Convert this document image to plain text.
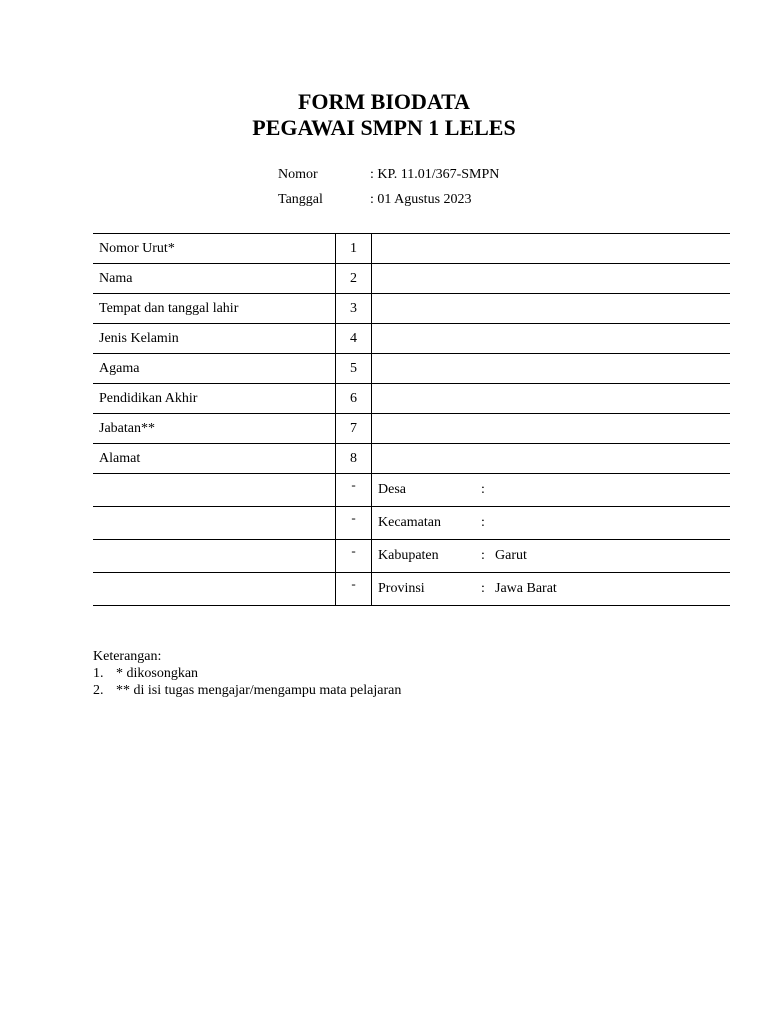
FORM BIODATA
PEGAWAI SMPN 1 LELES
Nomor	: KP. 11.01/367-SMPN
Tanggal	: 01 Agustus 2023
Nomor Urut*	1	
Nama	2	
Tempat dan tanggal lahir	3	
Jenis Kelamin	4	
Agama	5	
Pendidikan Akhir	6	
Jabatan**	7	
Alamat	8	
	-	Desa :
	-	Kecamatan :
	-	Kabupaten : Garut
	-	Provinsi : Jawa Barat
Keterangan:
1. * dikosongkan
2. ** di isi tugas mengajar/mengampu mata pelajaran
